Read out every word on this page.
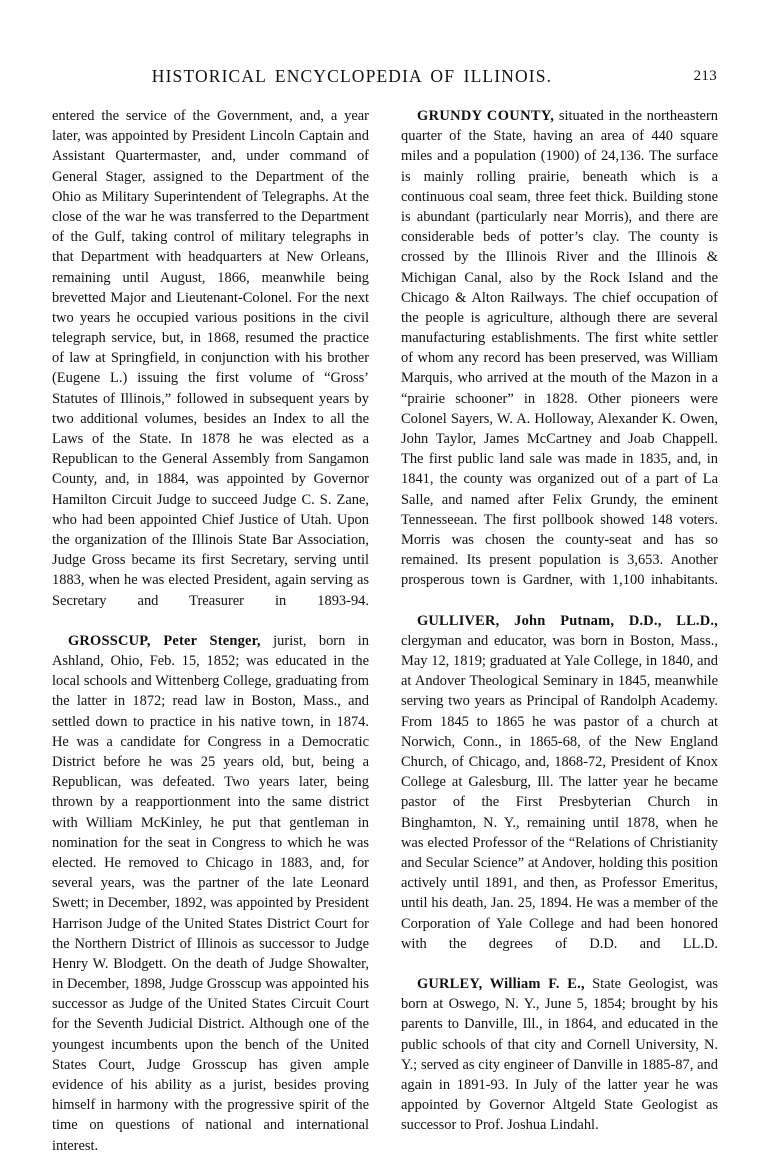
HISTORICAL ENCYCLOPEDIA OF ILLINOIS.	213

entered the service of the Government, and, a year later, was appointed by President Lincoln Captain and Assistant Quartermaster, and, under command of General Stager, assigned to the Department of the Ohio as Military Superintendent of Telegraphs. At the close of the war he was transferred to the Department of the Gulf, taking control of military telegraphs in that Department with headquarters at New Orleans, remaining until August, 1866, meanwhile being brevetted Major and Lieutenant-Colonel. For the next two years he occupied various positions in the civil telegraph service, but, in 1868, resumed the practice of law at Springfield, in conjunction with his brother (Eugene L.) issuing the first volume of “Gross’ Statutes of Illinois,” followed in subsequent years by two additional volumes, besides an Index to all the Laws of the State. In 1878 he was elected as a Republican to the General Assembly from Sangamon County, and, in 1884, was appointed by Governor Hamilton Circuit Judge to succeed Judge C. S. Zane, who had been appointed Chief Justice of Utah. Upon the organization of the Illinois State Bar Association, Judge Gross became its first Secretary, serving until 1883, when he was elected President, again serving as Secretary and Treasurer in 1893-94.

GROSSCUP, Peter Stenger, jurist, born in Ashland, Ohio, Feb. 15, 1852; was educated in the local schools and Wittenberg College, graduating from the latter in 1872; read law in Boston, Mass., and settled down to practice in his native town, in 1874. He was a candidate for Congress in a Democratic District before he was 25 years old, but, being a Republican, was defeated. Two years later, being thrown by a reapportionment into the same district with William McKinley, he put that gentleman in nomination for the seat in Congress to which he was elected. He removed to Chicago in 1883, and, for several years, was the partner of the late Leonard Swett; in December, 1892, was appointed by President Harrison Judge of the United States District Court for the Northern District of Illinois as successor to Judge Henry W. Blodgett. On the death of Judge Showalter, in December, 1898, Judge Grosscup was appointed his successor as Judge of the United States Circuit Court for the Seventh Judicial District. Although one of the youngest incumbents upon the bench of the United States Court, Judge Grosscup has given ample evidence of his ability as a jurist, besides proving himself in harmony with the progressive spirit of the time on questions of national and international interest.

GRUNDY COUNTY, situated in the northeastern quarter of the State, having an area of 440 square miles and a population (1900) of 24,136. The surface is mainly rolling prairie, beneath which is a continuous coal seam, three feet thick. Building stone is abundant (particularly near Morris), and there are considerable beds of potter’s clay. The county is crossed by the Illinois River and the Illinois & Michigan Canal, also by the Rock Island and the Chicago & Alton Railways. The chief occupation of the people is agriculture, although there are several manufacturing establishments. The first white settler of whom any record has been preserved, was William Marquis, who arrived at the mouth of the Mazon in a “prairie schooner” in 1828. Other pioneers were Colonel Sayers, W. A. Holloway, Alexander K. Owen, John Taylor, James McCartney and Joab Chappell. The first public land sale was made in 1835, and, in 1841, the county was organized out of a part of La Salle, and named after Felix Grundy, the eminent Tennesseean. The first pollbook showed 148 voters. Morris was chosen the county-seat and has so remained. Its present population is 3,653. Another prosperous town is Gardner, with 1,100 inhabitants.

GULLIVER, John Putnam, D.D., LL.D., clergyman and educator, was born in Boston, Mass., May 12, 1819; graduated at Yale College, in 1840, and at Andover Theological Seminary in 1845, meanwhile serving two years as Principal of Randolph Academy. From 1845 to 1865 he was pastor of a church at Norwich, Conn., in 1865-68, of the New England Church, of Chicago, and, 1868-72, President of Knox College at Galesburg, Ill. The latter year he became pastor of the First Presbyterian Church in Binghamton, N. Y., remaining until 1878, when he was elected Professor of the “Relations of Christianity and Secular Science” at Andover, holding this position actively until 1891, and then, as Professor Emeritus, until his death, Jan. 25, 1894. He was a member of the Corporation of Yale College and had been honored with the degrees of D.D. and LL.D.

GURLEY, William F. E., State Geologist, was born at Oswego, N. Y., June 5, 1854; brought by his parents to Danville, Ill., in 1864, and educated in the public schools of that city and Cornell University, N. Y.; served as city engineer of Danville in 1885-87, and again in 1891-93. In July of the latter year he was appointed by Governor Altgeld State Geologist as successor to Prof. Joshua Lindahl.
